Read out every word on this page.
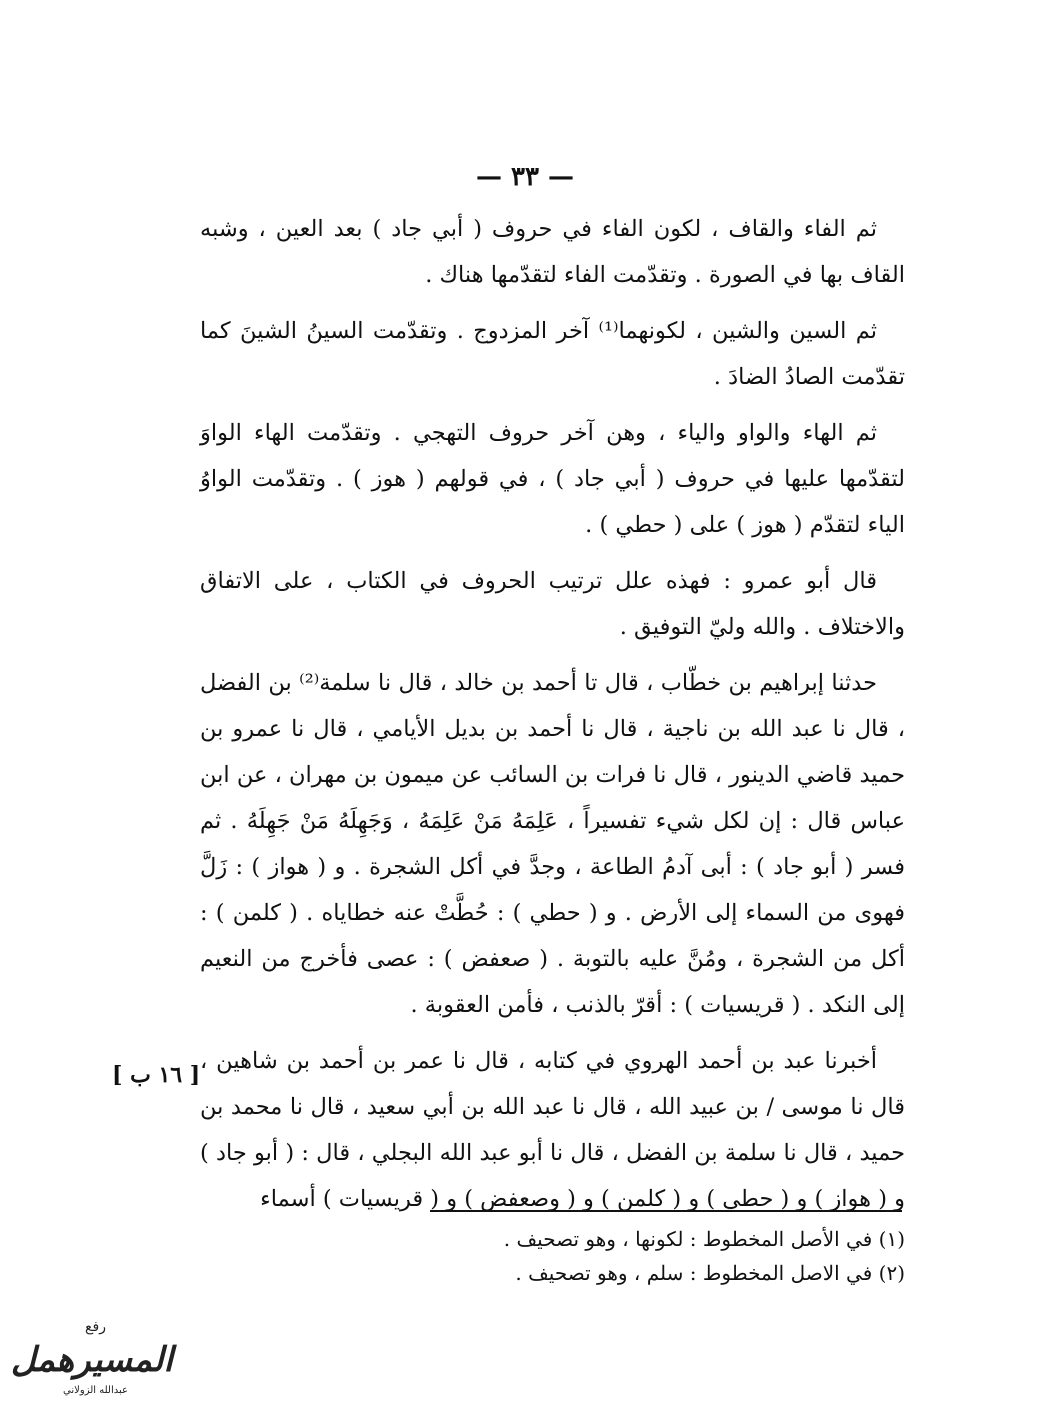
— ٣٣ —

ثم الفاء والقاف ، لكون الفاء في حروف ( أبي جاد ) بعد العين ، وشبه القاف بها في الصورة . وتقدّمت الفاء لتقدّمها هناك .

ثم السين والشين ، لكونهما⁽¹⁾ آخر المزدوج . وتقدّمت السينُ الشينَ كما تقدّمت الصادُ الضادَ .

ثم الهاء والواو والياء ، وهن آخر حروف التهجي . وتقدّمت الهاء الواوَ لتقدّمها عليها في حروف ( أبي جاد ) ، في قولهم ( هوز ) . وتقدّمت الواوُ الياء لتقدّم ( هوز ) على ( حطي ) .

قال أبو عمرو : فهذه علل ترتيب الحروف في الكتاب ، على الاتفاق والاختلاف . والله وليّ التوفيق .

حدثنا إبراهيم بن خطّاب ، قال تا أحمد بن خالد ، قال نا سلمة⁽²⁾ بن الفضل ، قال نا عبد الله بن ناجية ، قال نا أحمد بن بديل الأيامي ، قال نا عمرو بن حميد قاضي الدينور ، قال نا فرات بن السائب عن ميمون بن مهران ، عن ابن عباس قال : إن لكل شيء تفسيراً ، عَلِمَهُ مَنْ عَلِمَهُ ، وَجَهِلَهُ مَنْ جَهِلَهُ . ثم فسر ( أبو جاد ) : أبى آدمُ الطاعة ، وجدَّ في أكل الشجرة . و ( هواز ) : زَلَّ فهوى من السماء إلى الأرض . و ( حطي ) : حُطَّتْ عنه خطاياه . ( كلمن ) : أكل من الشجرة ، ومُنَّ عليه بالتوبة . ( صعفض ) : عصى فأخرج من النعيم إلى النكد . ( قريسيات ) : أقرّ بالذنب ، فأمن العقوبة .

أخبرنا عبد بن أحمد الهروي في كتابه ، قال نا عمر بن أحمد بن شاهين ، قال نا موسى / بن عبيد الله ، قال نا عبد الله بن أبي سعيد ، قال نا محمد بن حميد ، قال نا سلمة بن الفضل ، قال نا أبو عبد الله البجلي ، قال : ( أبو جاد ) و ( هواز ) و ( حطي ) و ( كلمن ) و ( وصعفض ) و ( قريسيات ) أسماء

[ ١٦ ب ]

(١) في الأصل المخطوط : لكونها ، وهو تصحيف .

(٢) في الاصل المخطوط : سلم ، وهو تصحيف .

رفع
المسيرهمل
عبدالله الزولاني
